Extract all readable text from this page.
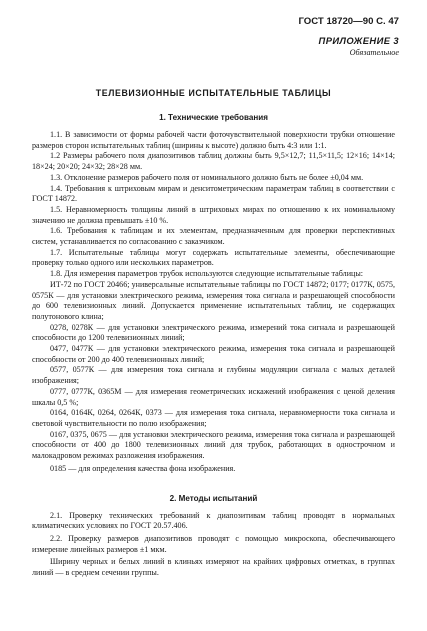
ГОСТ 18720—90 С. 47
ПРИЛОЖЕНИЕ 3
Обязательное
ТЕЛЕВИЗИОННЫЕ ИСПЫТАТЕЛЬНЫЕ ТАБЛИЦЫ
1. Технические требования

1.1. В зависимости от формы рабочей части фоточувствительной поверхности трубки отношение размеров сторон испытательных таблиц (ширины к высоте) должно быть 4:3 или 1:1.

1.2 Размеры рабочего поля диапозитивов таблиц должны быть 9,5×12,7; 11,5×11,5; 12×16; 14×14; 18×24; 20×20; 24×32; 28×28 мм.

1.3. Отклонение размеров рабочего поля от номинального должно быть не более ±0,04 мм.

1.4. Требования к штриховым мирам и денситометрическим параметрам таблиц в соответствии с ГОСТ 14872.

1.5. Неравномерность толщины линий в штриховых мирах по отношению к их номинальному значению не должна превышать ±10 %.

1.6. Требования к таблицам и их элементам, предназначенным для проверки перспективных систем, устанавливается по согласованию с заказчиком.

1.7. Испытательные таблицы могут содержать испытательные элементы, обеспечивающие проверку только одного или нескольких параметров.

1.8. Для измерения параметров трубок используются следующие испытательные таблицы:

ИТ-72 по ГОСТ 20466; универсальные испытательные таблицы по ГОСТ 14872; 0177; 0177К, 0575, 0575К — для установки электрического режима, измерения тока сигнала и разрешающей способности до 600 телевизионных линий. Допускается применение испытательных таблиц, не содержащих полутонового клина;

0278, 0278К — для установки электрического режима, измерений тока сигнала и разрешающей способности до 1200 телевизионных линий;

0477, 0477К — для установки электрического режима, измерения тока сигнала и разрешающей способности от 200 до 400 телевизионных линий;

0577, 0577К — для измерения тока сигнала и глубины модуляции сигнала с малых деталей изображения;

0777, 0777К, 0365М — для измерения геометрических искажений изображения с ценой деления шкалы 0,5 %;

0164, 0164К, 0264, 0264К, 0373 — для измерения тока сигнала, неравномерности тока сигнала и световой чувствительности по полю изображения;

0167, 0375, 0675 — для установки электрического режима, измерения тока сигнала и разрешающей способности от 400 до 1800 телевизионных линий для трубок, работающих в однострочном и малокадровом режимах разложения изображения.

0185 — для определения качества фона изображения.

2. Методы испытаний

2.1. Проверку технических требований к диапозитивам таблиц проводят в нормальных климатических условиях по ГОСТ 20.57.406.

2.2. Проверку размеров диапозитивов проводят с помощью микроскопа, обеспечивающего измерение линейных размеров ±1 мкм.

Ширину черных и белых линий в клиньях измеряют на крайних цифровых отметках, в группах линий — в среднем сечении группы.
